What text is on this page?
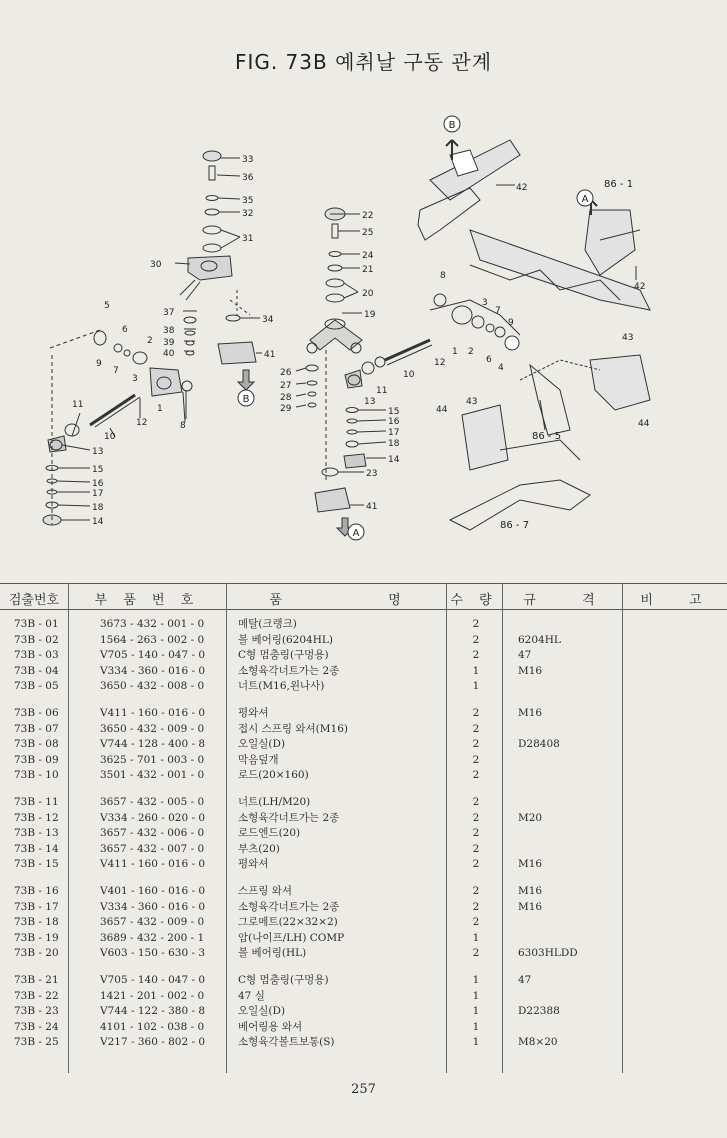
FIG. 73B 예취날 구동 관계
B
A
B
A
86 - 1
86 - 5
86 - 7
33
36
35
32
31
30
22
25
24
21
20
19
37
34
38
39
40	41
5
6
7
9
2
3
1
8
11
10
12
13
15
16
17
18
14
26
27
28
29	15
16
17
18
14
13
11
10
23
41
8
3
7
9
12
1 2
6
4
42
42
43
43
44
44
검출번호	부 품 번 호	품 명	수 량	규 격	비 고
73B - 01	3673 - 432 - 001 - 0	메탈(크랭크)	2
73B - 02	1564 - 263 - 002 - 0	볼 베어링(6204HL)	2	6204HL
73B - 03	V705 - 140 - 047 - 0	C형 멈춤링(구멍용)	2	47
73B - 04	V334 - 360 - 016 - 0	소형육각너트가는 2종	1	M16
73B - 05	3650 - 432 - 008 - 0	너트(M16,왼나사)	1
73B - 06	V411 - 160 - 016 - 0	평와셔	2	M16
73B - 07	3650 - 432 - 009 - 0	접시 스프링 와셔(M16)	2
73B - 08	V744 - 128 - 400 - 8	오일실(D)	2	D28408
73B - 09	3625 - 701 - 003 - 0	막음덮개	2
73B - 10	3501 - 432 - 001 - 0	로드(20×160)	2
73B - 11	3657 - 432 - 005 - 0	너트(LH/M20)	2
73B - 12	V334 - 260 - 020 - 0	소형육각너트가는 2종	2	M20
73B - 13	3657 - 432 - 006 - 0	로드엔드(20)	2
73B - 14	3657 - 432 - 007 - 0	부츠(20)	2
73B - 15	V411 - 160 - 016 - 0	평와셔	2	M16
73B - 16	V401 - 160 - 016 - 0	스프링 와셔	2	M16
73B - 17	V334 - 360 - 016 - 0	소형육각너트가는 2종	2	M16
73B - 18	3657 - 432 - 009 - 0	그로메트(22×32×2)	2
73B - 19	3689 - 432 - 200 - 1	암(나이프/LH) COMP	1
73B - 20	V603 - 150 - 630 - 3	볼 베어링(HL)	2	6303HLDD
73B - 21	V705 - 140 - 047 - 0	C형 멈춤링(구멍용)	1	47
73B - 22	1421 - 201 - 002 - 0	47 실	1
73B - 23	V744 - 122 - 380 - 8	오일실(D)	1	D22388
73B - 24	4101 - 102 - 038 - 0	베어링용 와셔	1
73B - 25	V217 - 360 - 802 - 0	소형육각볼트보통(S)	1	M8×20
257
